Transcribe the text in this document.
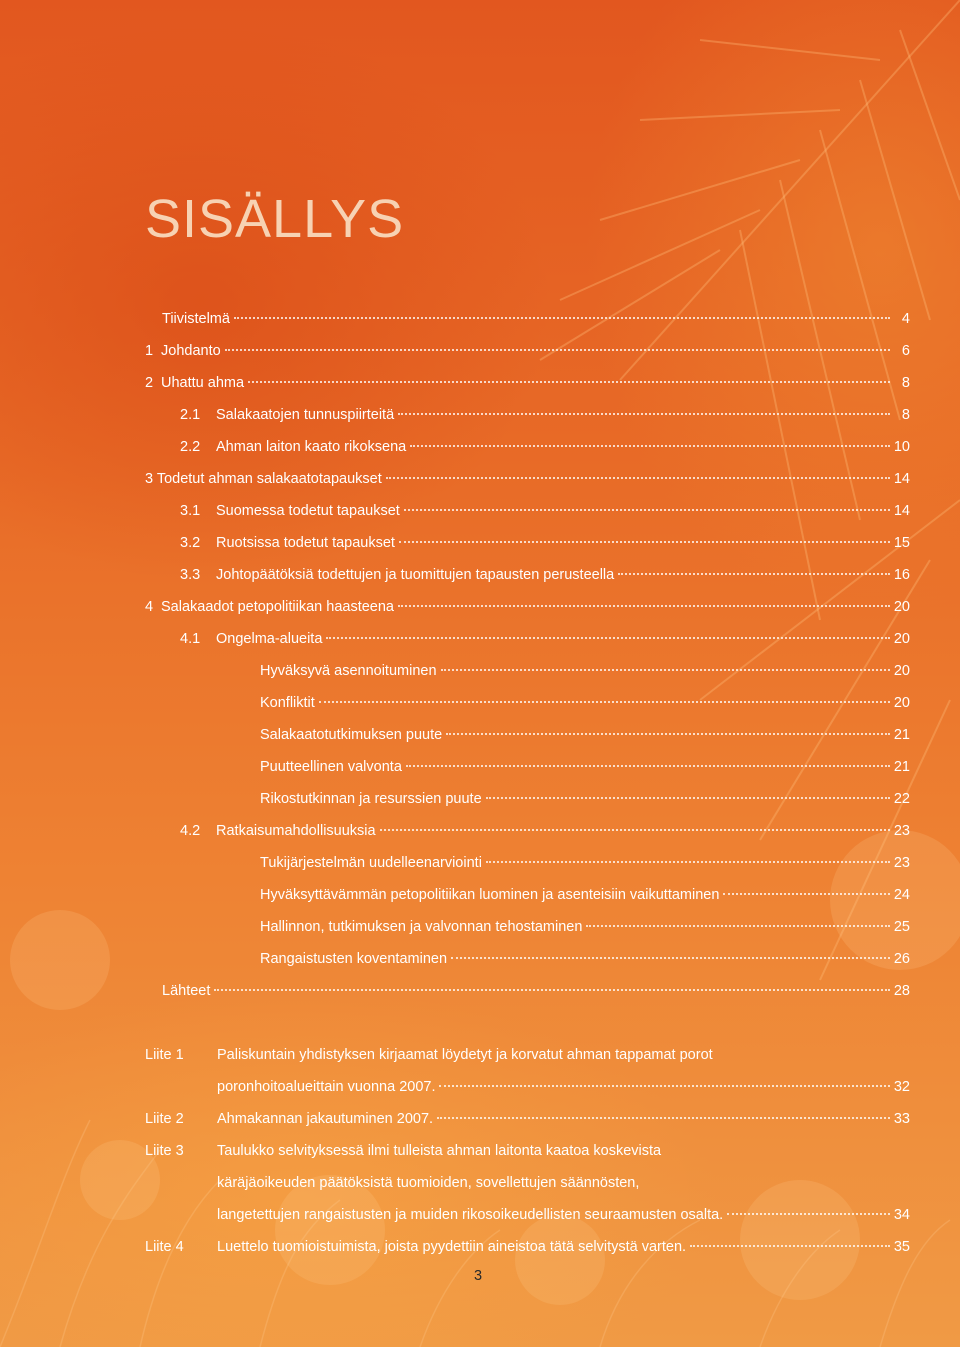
SISÄLLYS
Tiivistelmä	4
1 Johdanto	6
2 Uhattu ahma	8
2.1	Salakaatojen tunnuspiirteitä	8
2.2	Ahman laiton kaato rikoksena	10
3 Todetut ahman salakaatotapaukset	14
3.1	Suomessa todetut tapaukset	14
3.2	Ruotsissa todetut tapaukset	15
3.3	Johtopäätöksiä todettujen ja tuomittujen tapausten perusteella	16
4 Salakaadot petopolitiikan haasteena	20
4.1	Ongelma-alueita	20
Hyväksyvä asennoituminen	20
Konfliktit	20
Salakaatotutkimuksen puute	21
Puutteellinen valvonta	21
Rikostutkinnan ja resurssien puute	22
4.2	Ratkaisumahdollisuuksia	23
Tukijärjestelmän uudelleenarviointi	23
Hyväksyttävämmän petopolitiikan luominen ja asenteisiin vaikuttaminen	24
Hallinnon, tutkimuksen ja valvonnan tehostaminen	25
Rangaistusten koventaminen	26
Lähteet	28
Liite 1 Paliskuntain yhdistyksen kirjaamat löydetyt ja korvatut ahman tappamat porot
poronhoitoalueittain vuonna 2007.	32
Liite 2 Ahmakannan jakautuminen 2007.	33
Liite 3 Taulukko selvityksessä ilmi tulleista ahman laitonta kaatoa koskevista
käräjäoikeuden päätöksistä tuomioiden, sovellettujen säännösten,
langetettujen rangaistusten ja muiden rikosoikeudellisten seuraamusten osalta.	34
Liite 4 Luettelo tuomioistuimista, joista pyydettiin aineistoa tätä selvitystä varten.	35
3
